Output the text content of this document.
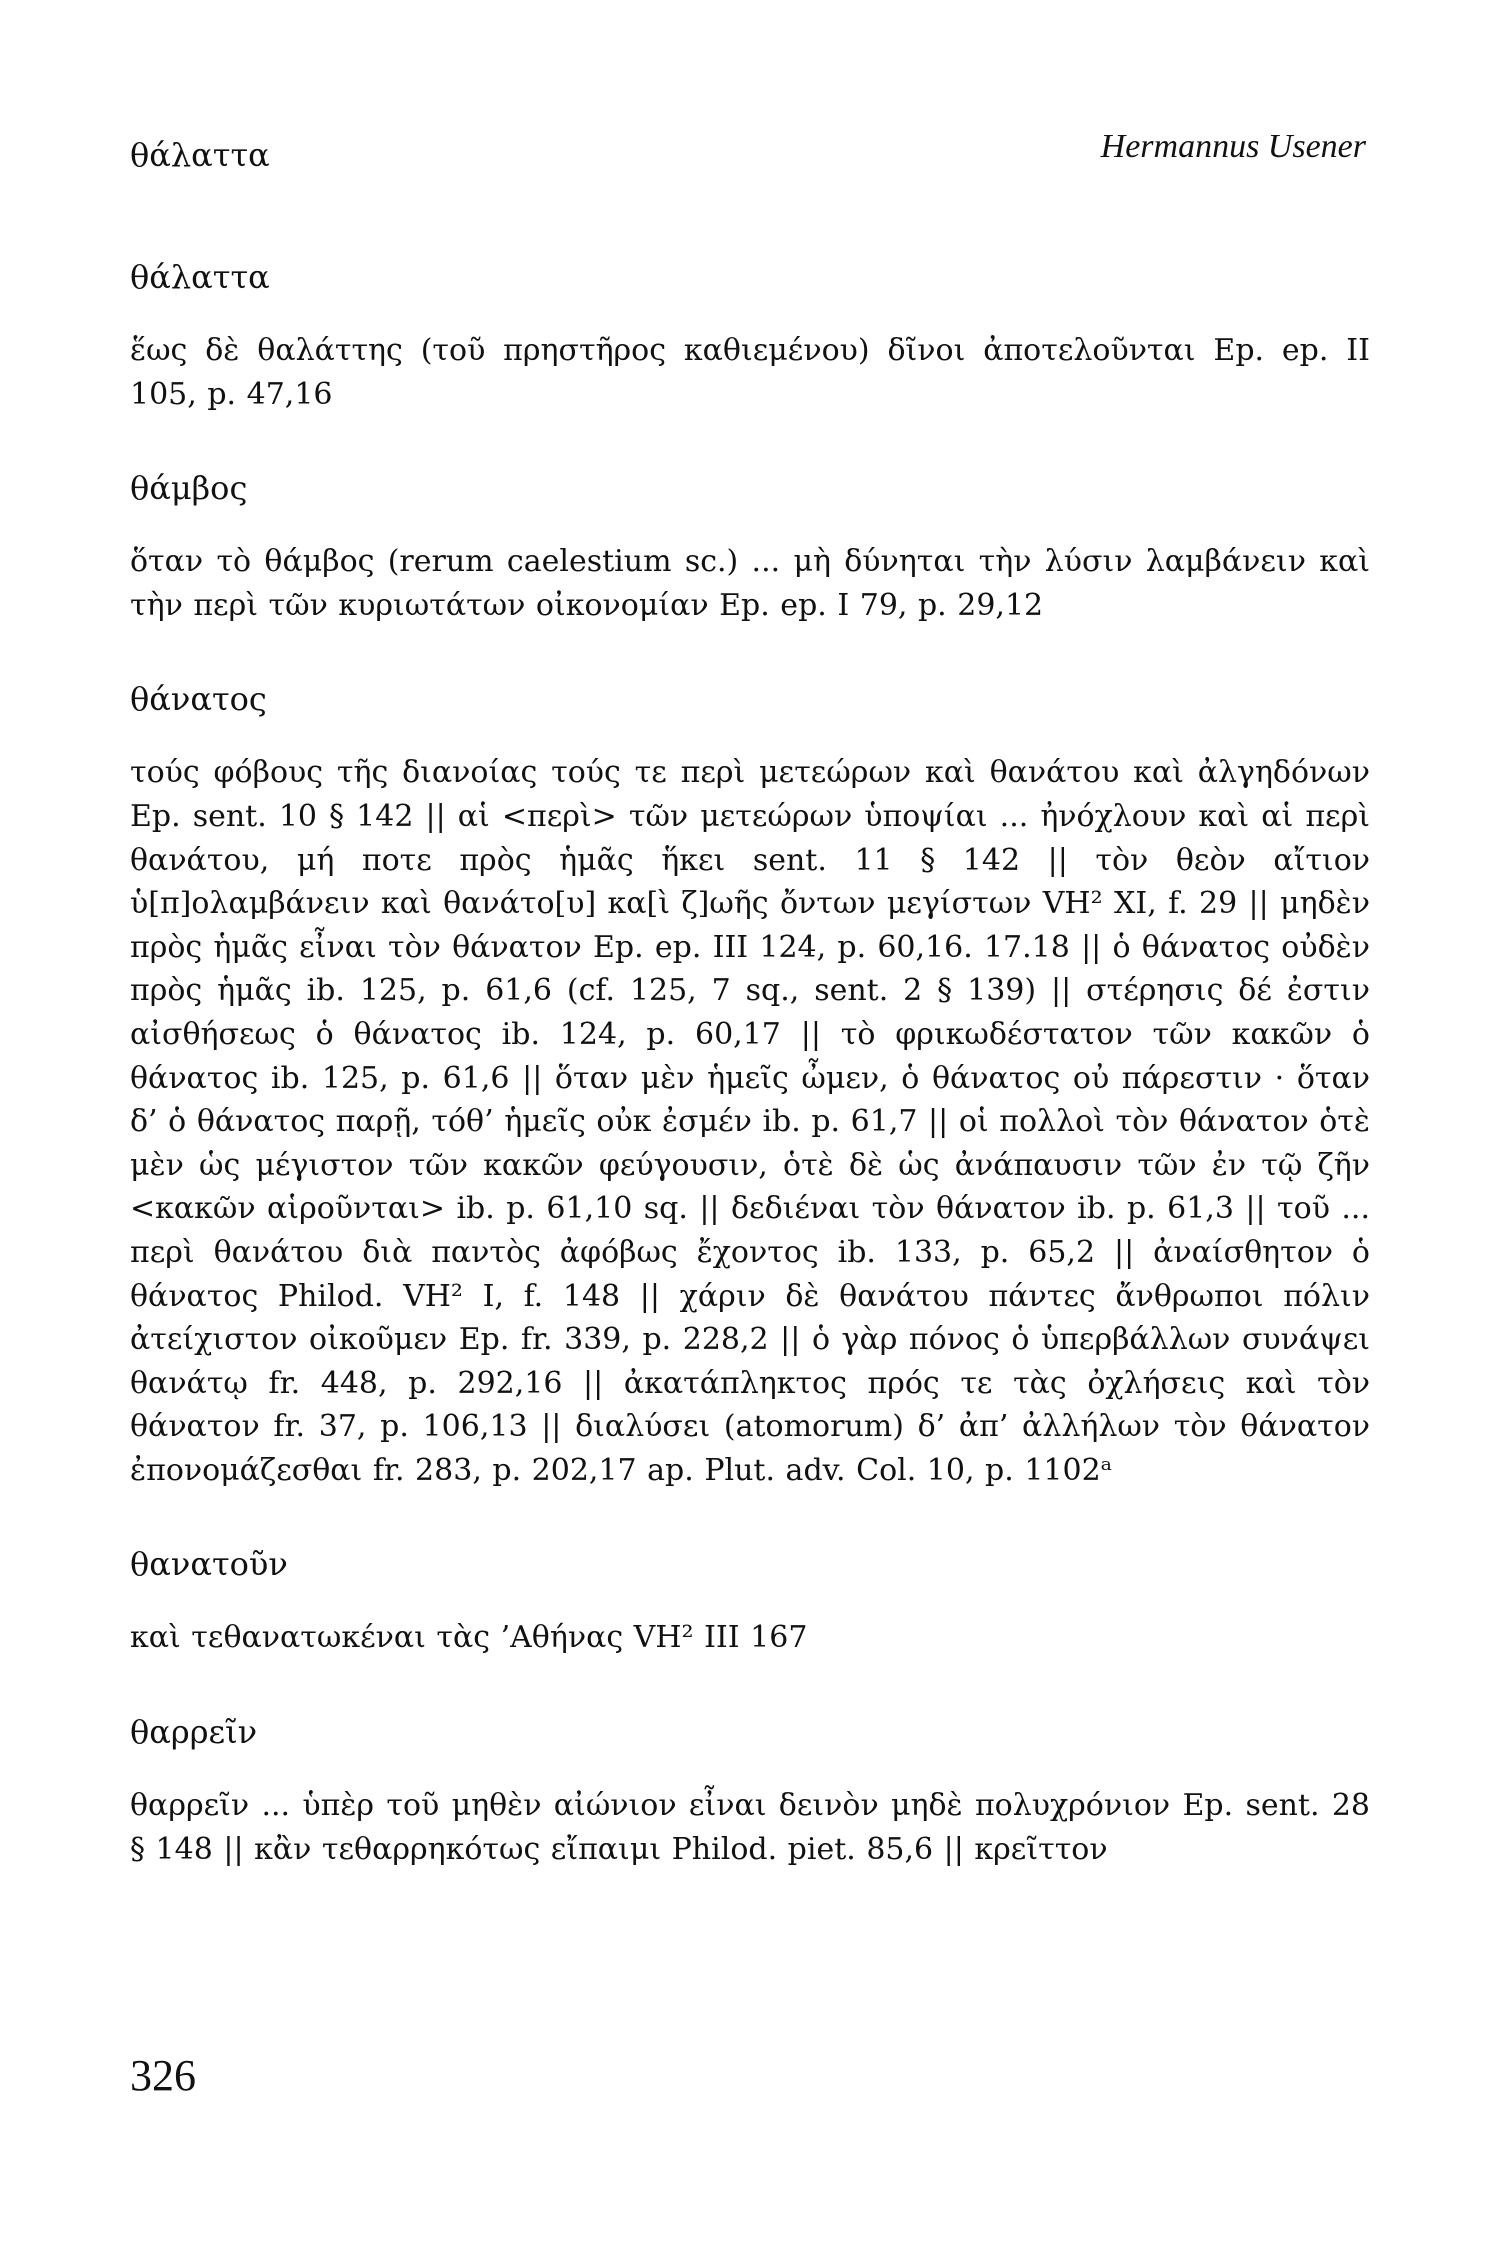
θάλαττα	Hermannus Usener
θάλαττα

ἕως δὲ θαλάττης (τοῦ πρηστῆρος καθιεμένου) δῖνοι ἀποτελοῦνται Ep. ep. II 105, p. 47,16

θάμβος

ὅταν τὸ θάμβος (rerum caelestium sc.) ... μὴ δύνηται τὴν λύσιν λαμβάνειν καὶ τὴν περὶ τῶν κυριωτάτων οἰκονομίαν Ep. ep. I 79, p. 29,12

θάνατος

τούς φόβους τῆς διανοίας τούς τε περὶ μετεώρων καὶ θανάτου καὶ ἀλγηδόνων Ep. sent. 10 § 142 || αἱ <περὶ> τῶν μετεώρων ὑποψίαι ... ἠνόχλουν καὶ αἱ περὶ θανάτου, μή ποτε πρὸς ἡμᾶς ἥκει sent. 11 § 142 || τὸν θεὸν αἴτιον ὑ[π]ολαμβάνειν καὶ θανάτο[υ] κα[ὶ ζ]ωῆς ὄντων μεγίστων VH² XI, f. 29 || μηδὲν πρὸς ἡμᾶς εἶναι τὸν θάνατον Ep. ep. III 124, p. 60,16. 17.18 || ὁ θάνατος οὐδὲν πρὸς ἡμᾶς ib. 125, p. 61,6 (cf. 125, 7 sq., sent. 2 § 139) || στέρησις δέ ἐστιν αἰσθήσεως ὁ θάνατος ib. 124, p. 60,17 || τὸ φρικωδέστατον τῶν κακῶν ὁ θάνατος ib. 125, p. 61,6 || ὅταν μὲν ἡμεῖς ὦμεν, ὁ θάνατος οὐ πάρεστιν · ὅταν δ’ ὁ θάνατος παρῇ, τόθ’ ἡμεῖς οὐκ ἐσμέν ib. p. 61,7 || οἱ πολλοὶ τὸν θάνατον ὁτὲ μὲν ὡς μέγιστον τῶν κακῶν φεύγουσιν, ὁτὲ δὲ ὡς ἀνάπαυσιν τῶν ἐν τῷ ζῆν <κακῶν αἱροῦνται> ib. p. 61,10 sq. || δεδιέναι τὸν θάνατον ib. p. 61,3 || τοῦ ... περὶ θανάτου διὰ παντὸς ἀφόβως ἔχοντος ib. 133, p. 65,2 || ἀναίσθητον ὁ θάνατος Philod. VH² I, f. 148 || χάριν δὲ θανάτου πάντες ἄνθρωποι πόλιν ἀτείχιστον οἰκοῦμεν Ep. fr. 339, p. 228,2 || ὁ γὰρ πόνος ὁ ὑπερβάλλων συνάψει θανάτῳ fr. 448, p. 292,16 || ἀκατάπληκτος πρός τε τὰς ὀχλήσεις καὶ τὸν θάνατον fr. 37, p. 106,13 || διαλύσει (atomorum) δ’ ἀπ’ ἀλλήλων τὸν θάνατον ἐπονομάζεσθαι fr. 283, p. 202,17 ap. Plut. adv. Col. 10, p. 1102ᵃ

θανατοῦν

καὶ τεθανατωκέναι τὰς ’Αθήνας VH² III 167

θαρρεῖν

θαρρεῖν ... ὑπὲρ τοῦ μηθὲν αἰώνιον εἶναι δεινὸν μηδὲ πολυχρόνιον Ep. sent. 28 § 148 || κἂν τεθαρρηκότως εἴπαιμι Philod. piet. 85,6 || κρεῖττον

326
